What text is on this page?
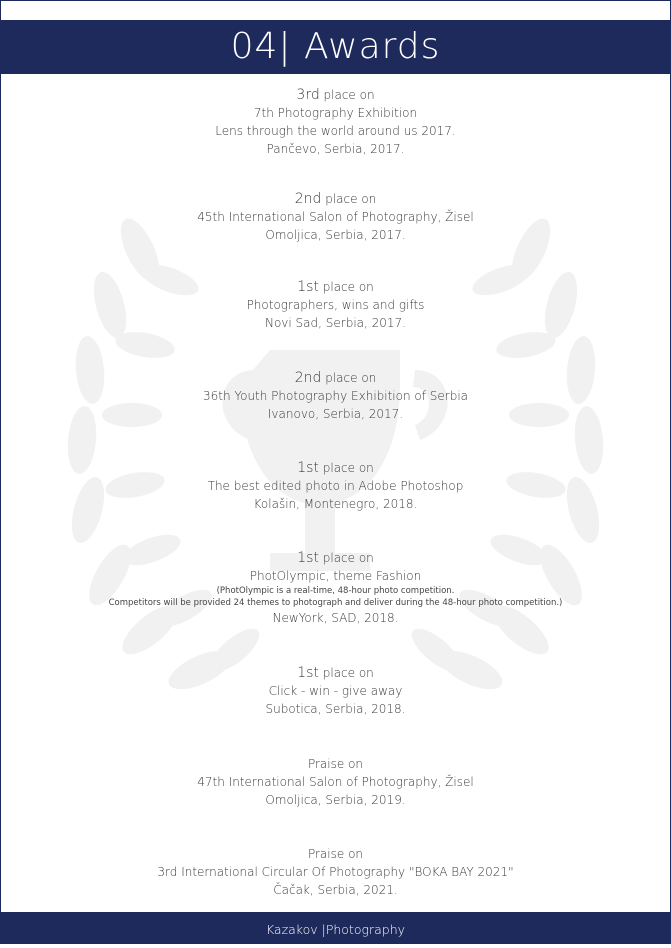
04| Awards
3rd place on
7th Photography Exhibition
Lens through the world around us 2017.
Pančevo, Serbia, 2017.
2nd place on
45th International Salon of Photography, Žisel
Omoljica, Serbia, 2017.
1st place on
Photographers, wins and gifts
Novi Sad, Serbia, 2017.
2nd place on
36th Youth Photography Exhibition of Serbia
Ivanovo, Serbia, 2017.
1st place on
The best edited photo in Adobe Photoshop
Kolašin, Montenegro, 2018.
1st place on
PhotOlympic, theme Fashion
(PhotOlympic is a real-time, 48-hour photo competition.
Competitors will be provided 24 themes to photograph and deliver during the 48-hour photo competition.)
NewYork, SAD, 2018.
1st place on
Click - win - give away
Subotica, Serbia, 2018.
Praise on
47th International Salon of Photography, Žisel
Omoljica, Serbia, 2019.
Praise on
3rd International Circular Of Photography "BOKA BAY 2021"
Čačak, Serbia, 2021.
Kazakov |Photography
